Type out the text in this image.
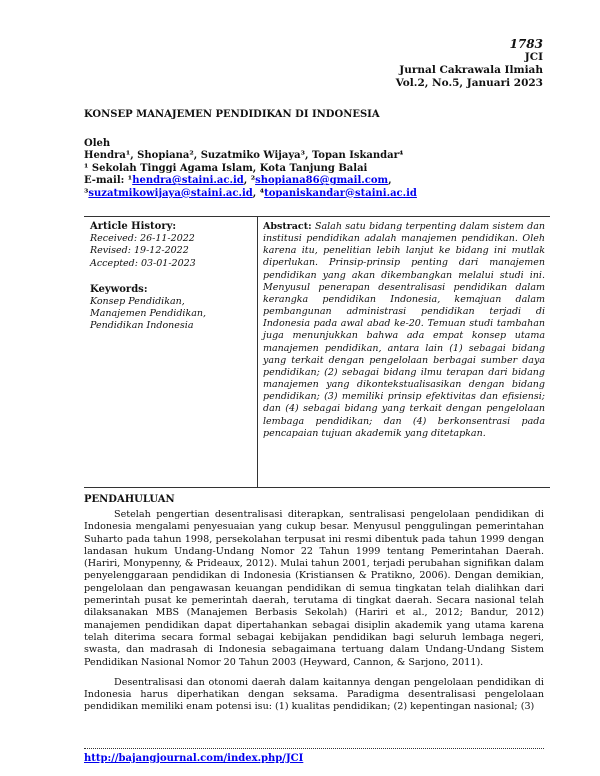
1783
JCI
Jurnal Cakrawala Ilmiah
Vol.2, No.5, Januari 2023
KONSEP MANAJEMEN PENDIDIKAN DI INDONESIA
Oleh
Hendra¹, Shopiana², Suzatmiko Wijaya³, Topan Iskandar⁴
¹ Sekolah Tinggi Agama Islam, Kota Tanjung Balai
E-mail: ¹hendra@staini.ac.id, ²shopiana86@gmail.com,
³suzatmikowijaya@staini.ac.id, ⁴topaniskandar@staini.ac.id
Article History:
Received: 26-11-2022
Revised: 19-12-2022
Accepted: 03-01-2023
Keywords:
Konsep Pendidikan,
Manajemen Pendidikan,
Pendidikan Indonesia
Abstract: Salah satu bidang terpenting dalam sistem dan institusi pendidikan adalah manajemen pendidikan. Oleh karena itu, penelitian lebih lanjut ke bidang ini mutlak diperlukan. Prinsip-prinsip penting dari manajemen pendidikan yang akan dikembangkan melalui studi ini. Menyusul penerapan desentralisasi pendidikan dalam kerangka pendidikan Indonesia, kemajuan dalam pembangunan administrasi pendidikan terjadi di Indonesia pada awal abad ke-20. Temuan studi tambahan juga menunjukkan bahwa ada empat konsep utama manajemen pendidikan, antara lain (1) sebagai bidang yang terkait dengan pengelolaan berbagai sumber daya pendidikan; (2) sebagai bidang ilmu terapan dari bidang manajemen yang dikontekstualisasikan dengan bidang pendidikan; (3) memiliki prinsip efektivitas dan efisiensi; dan (4) sebagai bidang yang terkait dengan pengelolaan lembaga pendidikan; dan (4) berkonsentrasi pada pencapaian tujuan akademik yang ditetapkan.
PENDAHULUAN

Setelah pengertian desentralisasi diterapkan, sentralisasi pengelolaan pendidikan di Indonesia mengalami penyesuaian yang cukup besar. Menyusul penggulingan pemerintahan Suharto pada tahun 1998, persekolahan terpusat ini resmi dibentuk pada tahun 1999 dengan landasan hukum Undang-Undang Nomor 22 Tahun 1999 tentang Pemerintahan Daerah. (Hariri, Monypenny, & Prideaux, 2012). Mulai tahun 2001, terjadi perubahan signifikan dalam penyelenggaraan pendidikan di Indonesia (Kristiansen & Pratikno, 2006). Dengan demikian, pengelolaan dan pengawasan keuangan pendidikan di semua tingkatan telah dialihkan dari pemerintah pusat ke pemerintah daerah, terutama di tingkat daerah. Secara nasional telah dilaksanakan MBS (Manajemen Berbasis Sekolah) (Hariri et al., 2012; Bandur, 2012) manajemen pendidikan dapat dipertahankan sebagai disiplin akademik yang utama karena telah diterima secara formal sebagai kebijakan pendidikan bagi seluruh lembaga negeri, swasta, dan madrasah di Indonesia sebagaimana tertuang dalam Undang-Undang Sistem Pendidikan Nasional Nomor 20 Tahun 2003 (Heyward, Cannon, & Sarjono, 2011).

Desentralisasi dan otonomi daerah dalam kaitannya dengan pengelolaan pendidikan di Indonesia harus diperhatikan dengan seksama. Paradigma desentralisasi pengelolaan pendidikan memiliki enam potensi isu: (1) kualitas pendidikan; (2) kepentingan nasional; (3)

http://bajangjournal.com/index.php/JCI
